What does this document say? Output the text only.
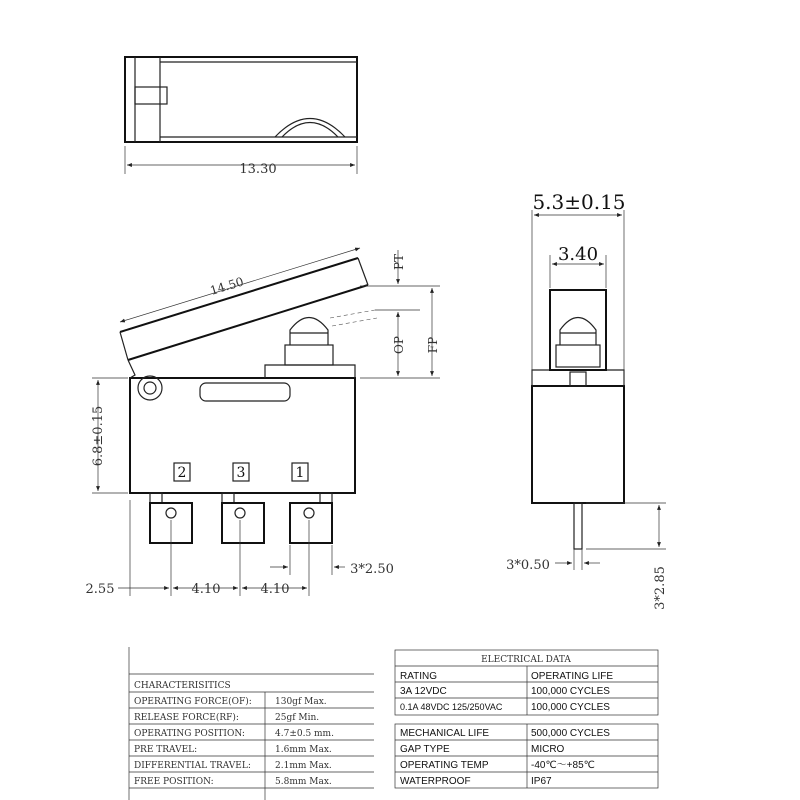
13.30
14.50
2	3	1
6.8±0.15
PT
OP FP
2.55	4.10	4.10
3*2.50
5.3±0.15
3.40
3*0.50
3*2.85
CHARACTERISITICS
OPERATING FORCE(OF):	130gf Max.
RELEASE FORCE(RF):	25gf Min.
OPERATING POSITION:	4.7±0.5 mm.
PRE TRAVEL:	1.6mm Max.
DIFFERENTIAL TRAVEL:	2.1mm Max.
FREE POSITION:	5.8mm Max.
ELECTRICAL DATA
RATING	OPERATING LIFE
3A 12VDC	100,000 CYCLES
0.1A 48VDC 125/250VAC	100,000 CYCLES
MECHANICAL LIFE	500,000 CYCLES
GAP TYPE	MICRO
OPERATING TEMP	-40℃～+85℃
WATERPROOF	IP67
